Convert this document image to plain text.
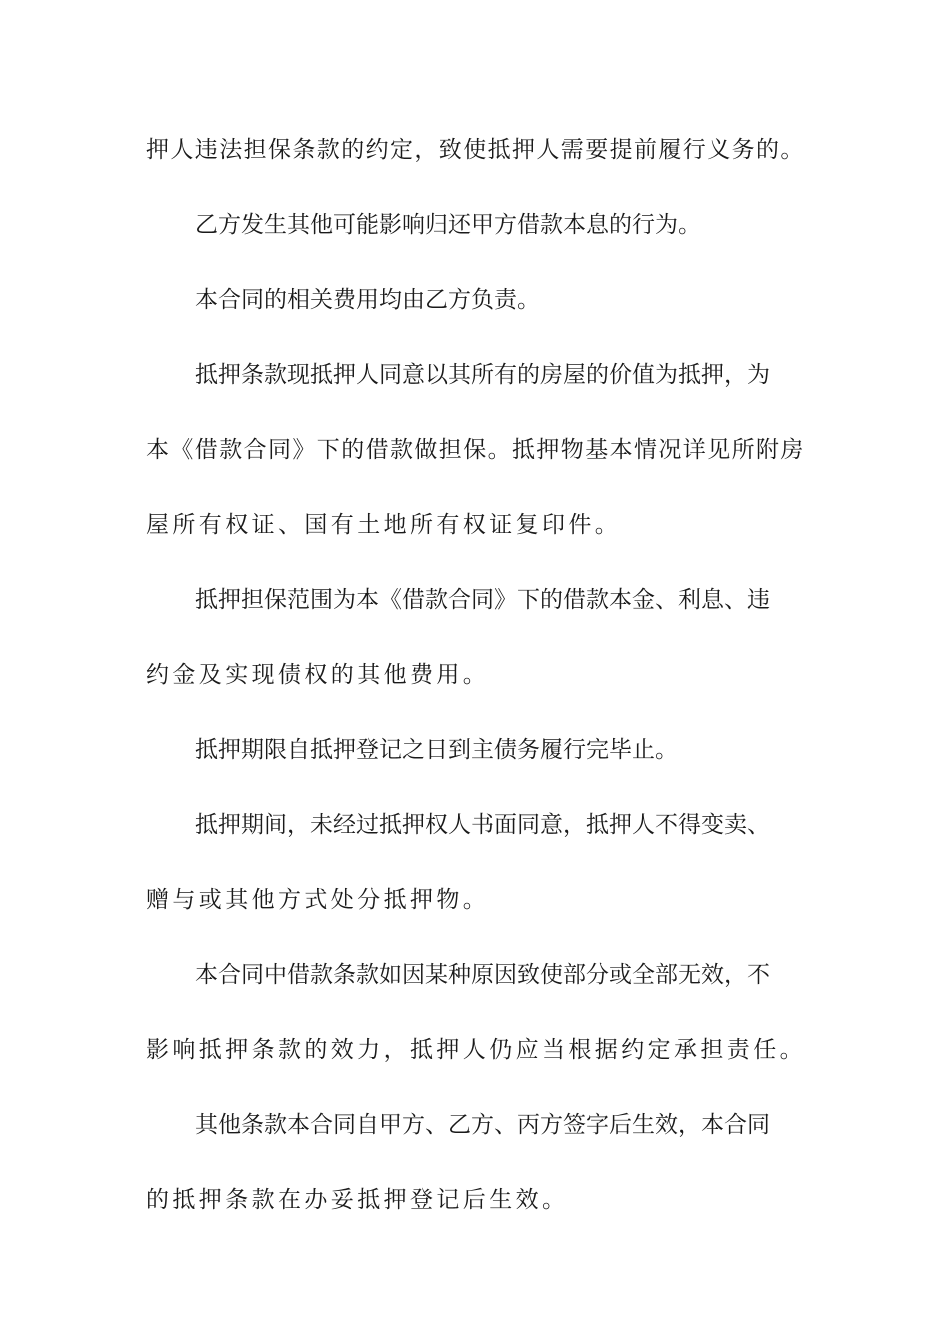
押人违法担保条款的约定，致使抵押人需要提前履行义务的。
乙方发生其他可能影响归还甲方借款本息的行为。
本合同的相关费用均由乙方负责。
抵押条款现抵押人同意以其所有的房屋的价值为抵押，为
本《借款合同》下的借款做担保。抵押物基本情况详见所附房
屋所有权证、国有土地所有权证复印件。
抵押担保范围为本《借款合同》下的借款本金、利息、违
约金及实现债权的其他费用。
抵押期限自抵押登记之日到主债务履行完毕止。
抵押期间，未经过抵押权人书面同意，抵押人不得变卖、
赠与或其他方式处分抵押物。
本合同中借款条款如因某种原因致使部分或全部无效，不
影响抵押条款的效力，抵押人仍应当根据约定承担责任。
其他条款本合同自甲方、乙方、丙方签字后生效，本合同
的抵押条款在办妥抵押登记后生效。
